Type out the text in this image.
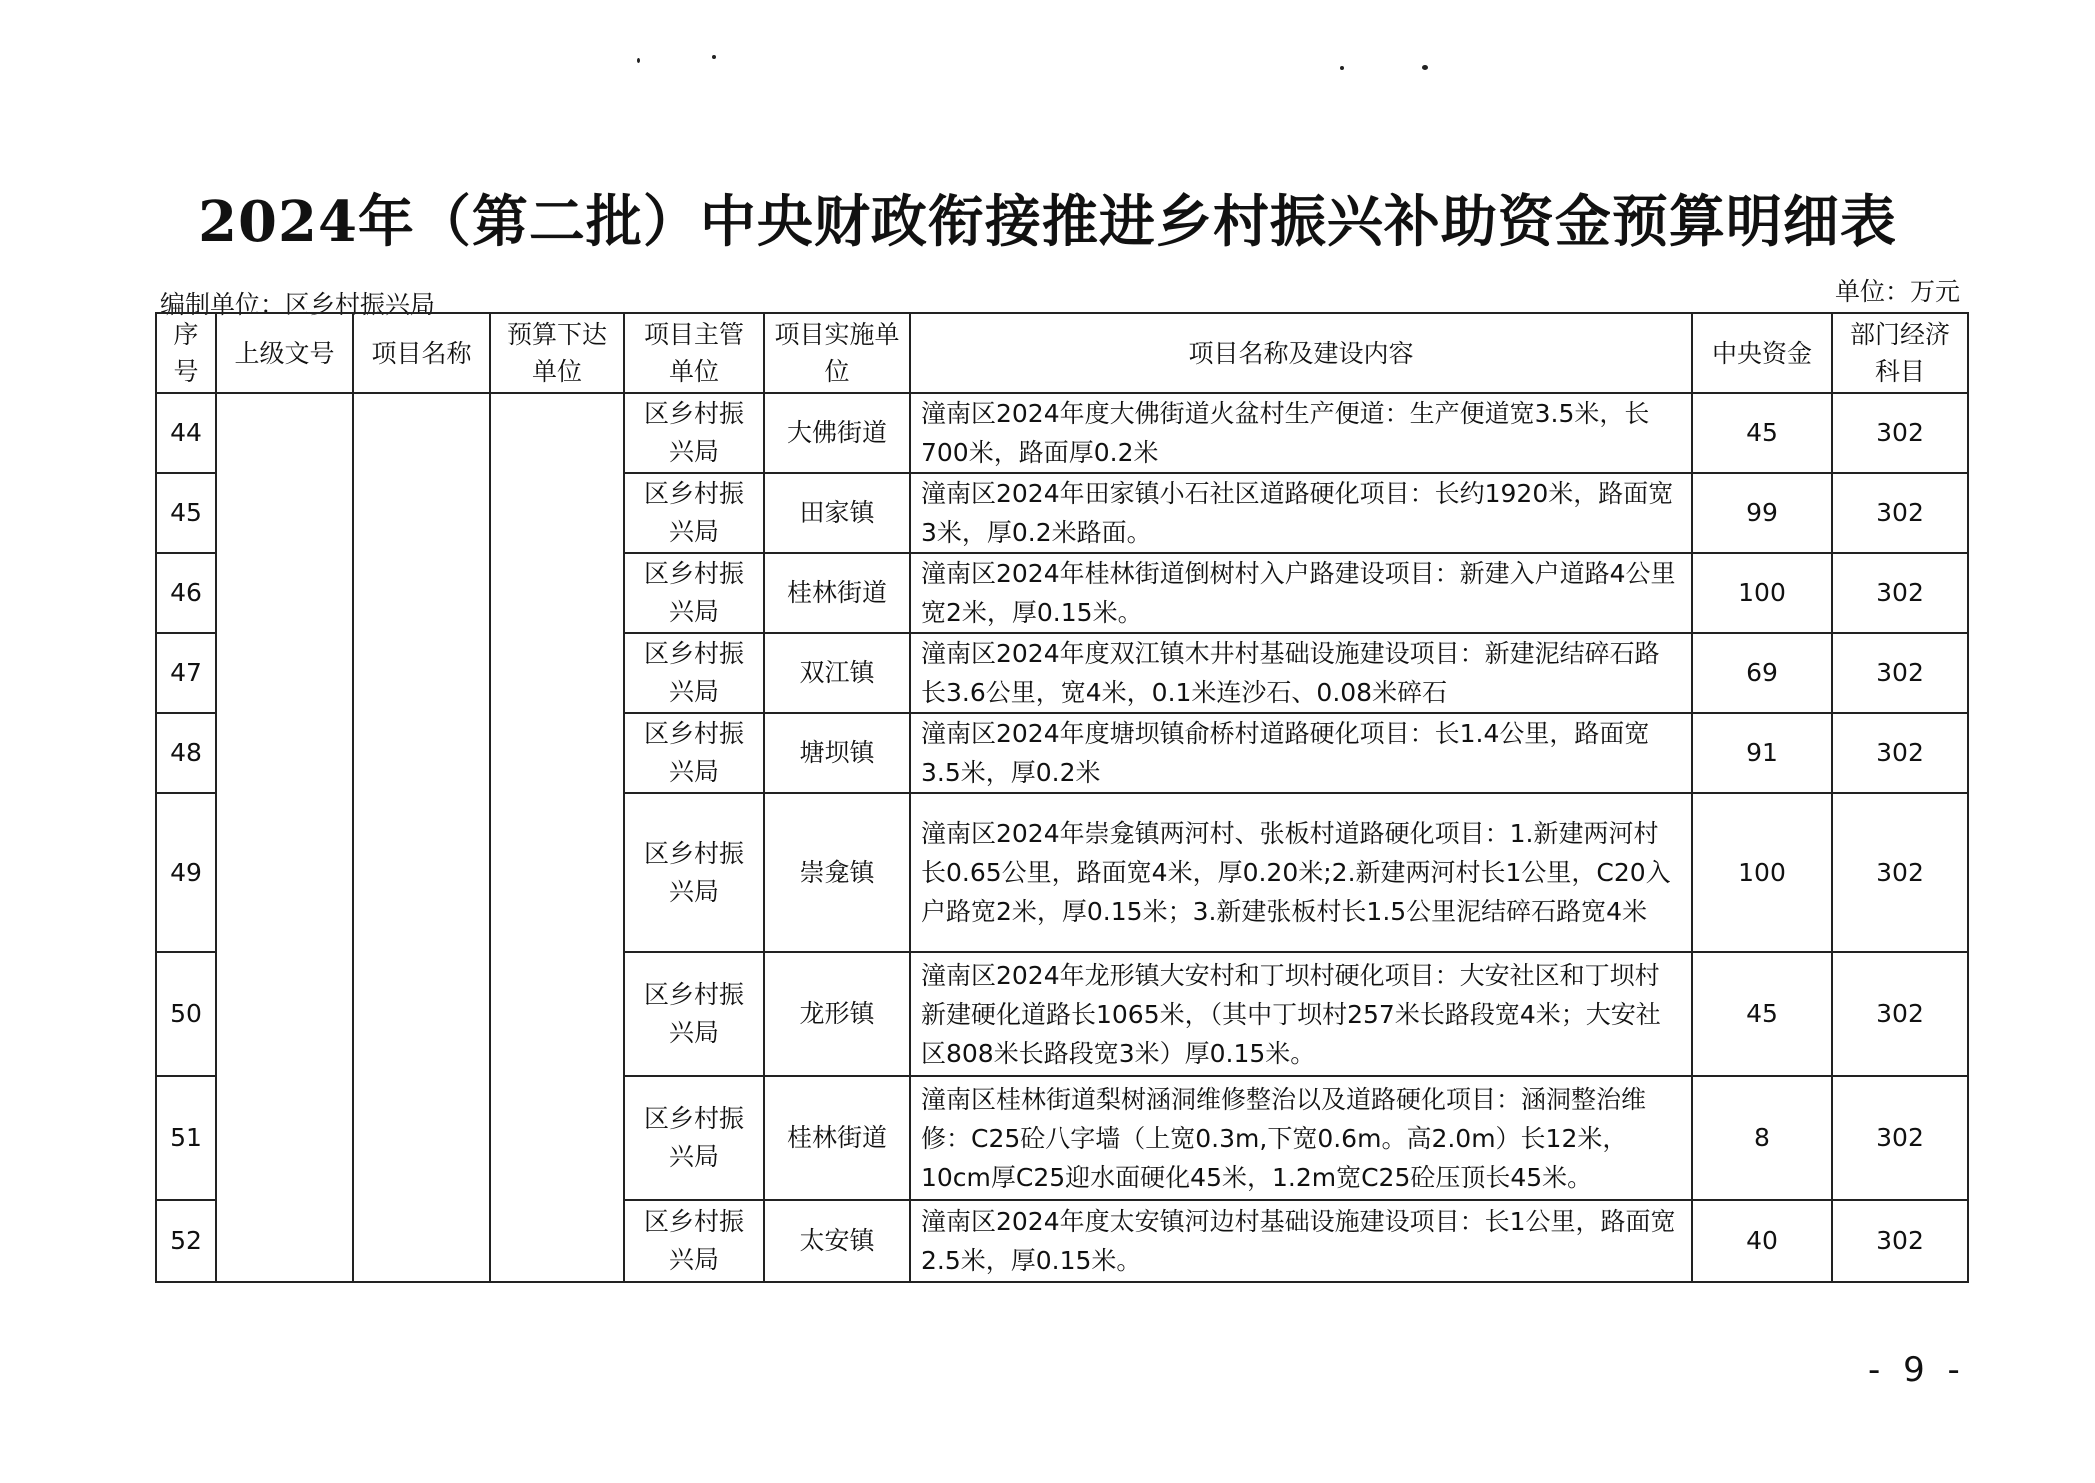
2024年（第二批）中央财政衔接推进乡村振兴补助资金预算明细表
编制单位：区乡村振兴局	单位：万元
序号	上级文号	项目名称	预算下达单位	项目主管单位	项目实施单位	项目名称及建设内容	中央资金	部门经济科目
44				区乡村振兴局	大佛街道	潼南区2024年度大佛街道火盆村生产便道：生产便道宽3.5米，长700米，路面厚0.2米	45	302
45				区乡村振兴局	田家镇	潼南区2024年田家镇小石社区道路硬化项目：长约1920米，路面宽3米，厚0.2米路面。	99	302
46				区乡村振兴局	桂林街道	潼南区2024年桂林街道倒树村入户路建设项目：新建入户道路4公里宽2米，厚0.15米。	100	302
47				区乡村振兴局	双江镇	潼南区2024年度双江镇木井村基础设施建设项目：新建泥结碎石路长3.6公里，宽4米，0.1米连沙石、0.08米碎石	69	302
48				区乡村振兴局	塘坝镇	潼南区2024年度塘坝镇俞桥村道路硬化项目：长1.4公里，路面宽3.5米，厚0.2米	91	302
49				区乡村振兴局	崇龛镇	潼南区2024年崇龛镇两河村、张板村道路硬化项目：1.新建两河村长0.65公里，路面宽4米，厚0.20米;2.新建两河村长1公里，C20入户路宽2米，厚0.15米；3.新建张板村长1.5公里泥结碎石路宽4米	100	302
50				区乡村振兴局	龙形镇	潼南区2024年龙形镇大安村和丁坝村硬化项目：大安社区和丁坝村新建硬化道路长1065米，（其中丁坝村257米长路段宽4米；大安社区808米长路段宽3米）厚0.15米。	45	302
51				区乡村振兴局	桂林街道	潼南区桂林街道梨树涵洞维修整治以及道路硬化项目：涵洞整治维修：C25砼八字墙（上宽0.3m,下宽0.6m。高2.0m）长12米，10cm厚C25迎水面硬化45米，1.2m宽C25砼压顶长45米。	8	302
52				区乡村振兴局	太安镇	潼南区2024年度太安镇河边村基础设施建设项目：长1公里，路面宽2.5米，厚0.15米。	40	302
- 9 -
